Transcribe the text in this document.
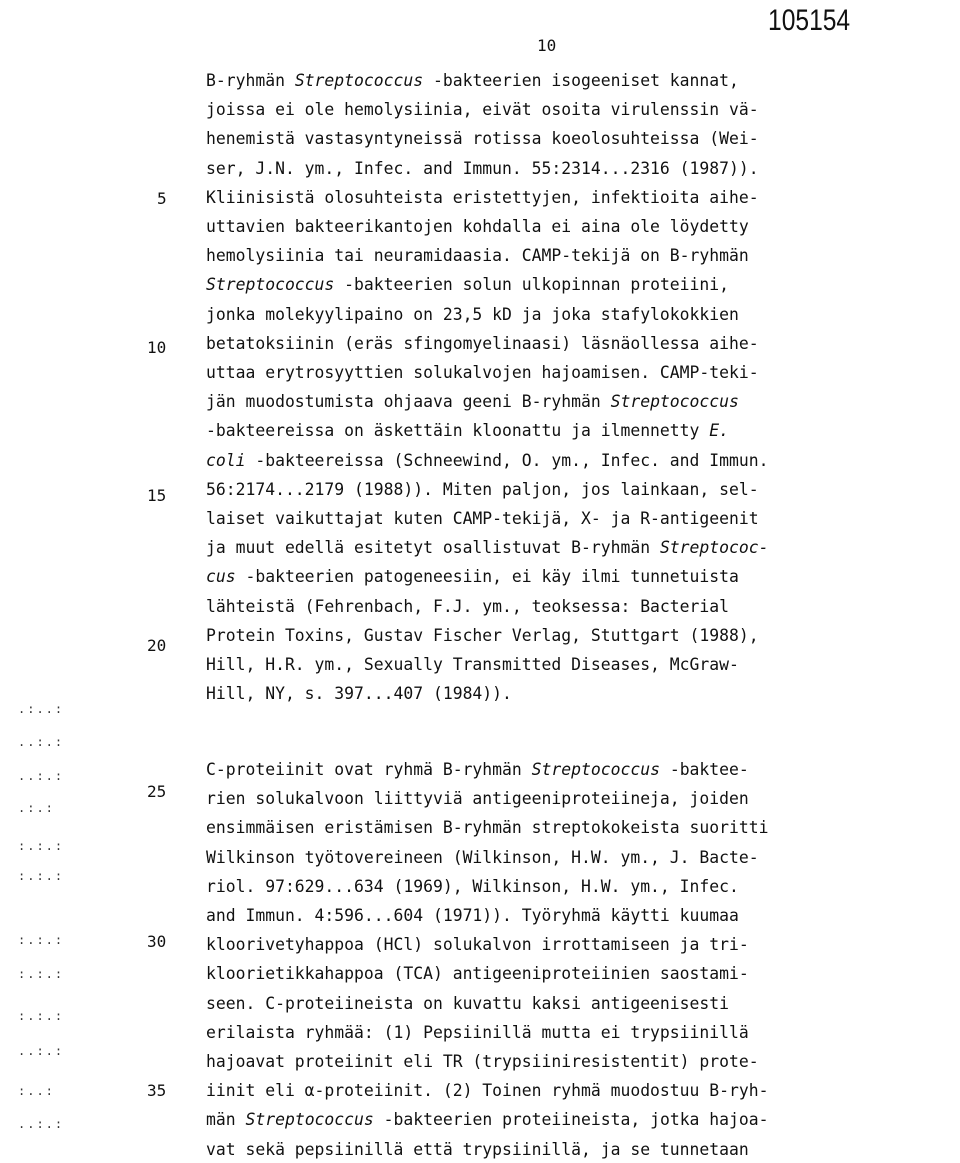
105154
10
B-ryhmän Streptococcus -bakteerien isogeeniset kannat,
joissa ei ole hemolysiinia, eivät osoita virulenssin vä-
henemistä vastasyntyneissä rotissa koeolosuhteissa (Wei-
ser, J.N. ym., Infec. and Immun. 55:2314...2316 (1987)).
Kliinisistä olosuhteista eristettyjen, infektioita aihe-
uttavien bakteerikantojen kohdalla ei aina ole löydetty
hemolysiinia tai neuramidaasia. CAMP-tekijä on B-ryhmän
Streptococcus -bakteerien solun ulkopinnan proteiini,
jonka molekyylipaino on 23,5 kD ja joka stafylokokkien
betatoksiinin (eräs sfingomyelinaasi) läsnäollessa aihe-
uttaa erytrosyyttien solukalvojen hajoamisen. CAMP-teki-
jän muodostumista ohjaava geeni B-ryhmän Streptococcus
-bakteereissa on äskettäin kloonattu ja ilmennetty E.
coli -bakteereissa (Schneewind, O. ym., Infec. and Immun.
56:2174...2179 (1988)). Miten paljon, jos lainkaan, sel-
laiset vaikuttajat kuten CAMP-tekijä, X- ja R-antigeenit
ja muut edellä esitetyt osallistuvat B-ryhmän Streptococ-
cus -bakteerien patogeneesiin, ei käy ilmi tunnetuista
lähteistä (Fehrenbach, F.J. ym., teoksessa: Bacterial
Protein Toxins, Gustav Fischer Verlag, Stuttgart (1988),
Hill, H.R. ym., Sexually Transmitted Diseases, McGraw-
Hill, NY, s. 397...407 (1984)).
C-proteiinit ovat ryhmä B-ryhmän Streptococcus -baktee-
rien solukalvoon liittyviä antigeeniproteiineja, joiden
ensimmäisen eristämisen B-ryhmän streptokokeista suoritti
Wilkinson työtovereineen (Wilkinson, H.W. ym., J. Bacte-
riol. 97:629...634 (1969), Wilkinson, H.W. ym., Infec.
and Immun. 4:596...604 (1971)). Työryhmä käytti kuumaa
kloorivetyhappoa (HCl) solukalvon irrottamiseen ja tri-
kloorietikkahappoa (TCA) antigeeniproteiinien saostami-
seen. C-proteiineista on kuvattu kaksi antigeenisesti
erilaista ryhmää: (1) Pepsiinillä mutta ei trypsiinillä
hajoavat proteiinit eli TR (trypsiiniresistentit) prote-
iinit eli α-proteiinit. (2) Toinen ryhmä muodostuu B-ryh-
män Streptococcus -bakteerien proteiineista, jotka hajoa-
vat sekä pepsiinillä että trypsiinillä, ja se tunnetaan
5
10
15
20
25
30
35
.:..:
..:.:
..:.:
.:.:
:.:.:
:.:.:
:.:.:
:.:.:
:.:.:
..:.:
:..:
..:.:
